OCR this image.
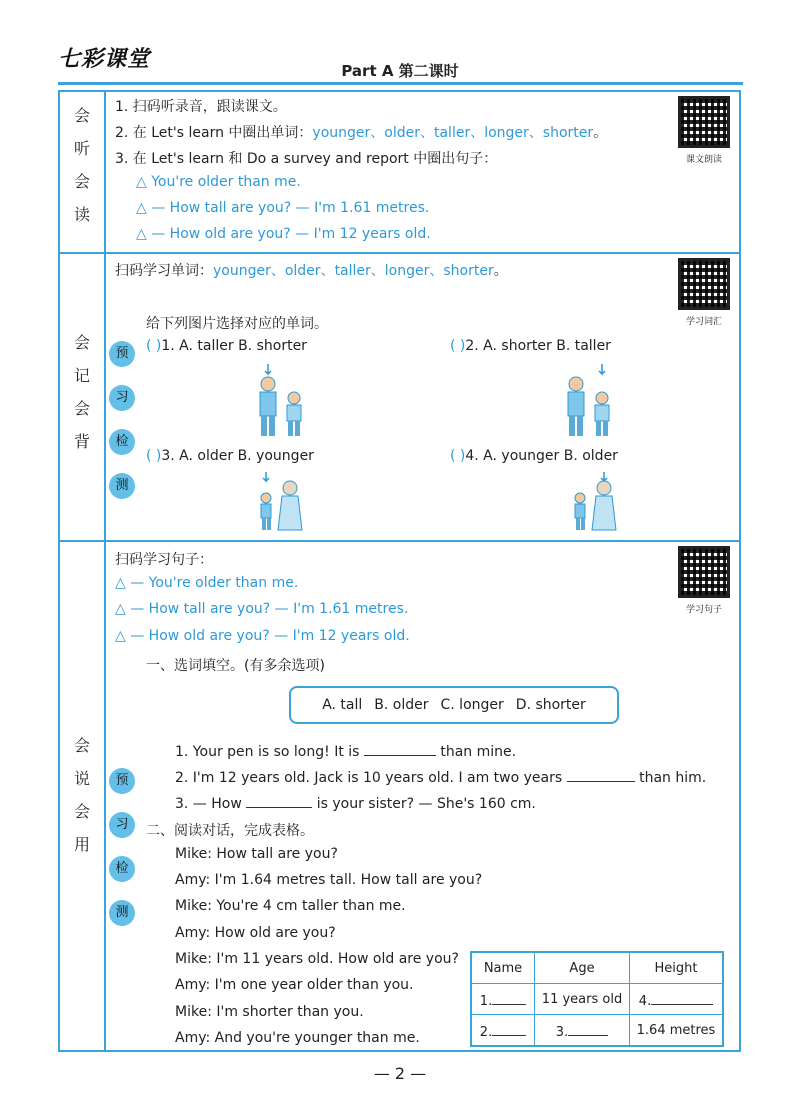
七彩课堂	Part A 第二课时
会
听
会
读
会
记
会
背
会
说
会
用
1. 扫码听录音，跟读课文。
2. 在 Let's learn 中圈出单词：younger、older、taller、longer、shorter。
3. 在 Let's learn 和 Do a survey and report 中圈出句子：
△ You're older than me.
△ — How tall are you? — I'm 1.61 metres.
△ — How old are you? — I'm 12 years old.
课文朗读
扫码学习单词：younger、older、taller、longer、shorter。
学习词汇
给下列图片选择对应的单词。
预
习
检
测
( )1. A. taller B. shorter	( )2. A. shorter B. taller
( )3. A. older B. younger	( )4. A. younger B. older
扫码学习句子：
△ — You're older than me.
△ — How tall are you? — I'm 1.61 metres.
△ — How old are you? — I'm 12 years old.
学习句子
一、选词填空。(有多余选项)
A. tall B. older C. longer D. shorter
预
习
检
测
1. Your pen is so long! It is	than mine.
2. I'm 12 years old. Jack is 10 years old. I am two years	than him.
3. — How	is your sister? — She's 160 cm.
二、阅读对话，完成表格。
Mike: How tall are you?
Amy: I'm 1.64 metres tall. How tall are you?
Mike: You're 4 cm taller than me.
Amy: How old are you?
Mike: I'm 11 years old. How old are you?
Amy: I'm one year older than you.
Mike: I'm shorter than you.
Amy: And you're younger than me.
Name	Age	Height
1.	11 years old	4.
2.	3.	1.64 metres
— 2 —
